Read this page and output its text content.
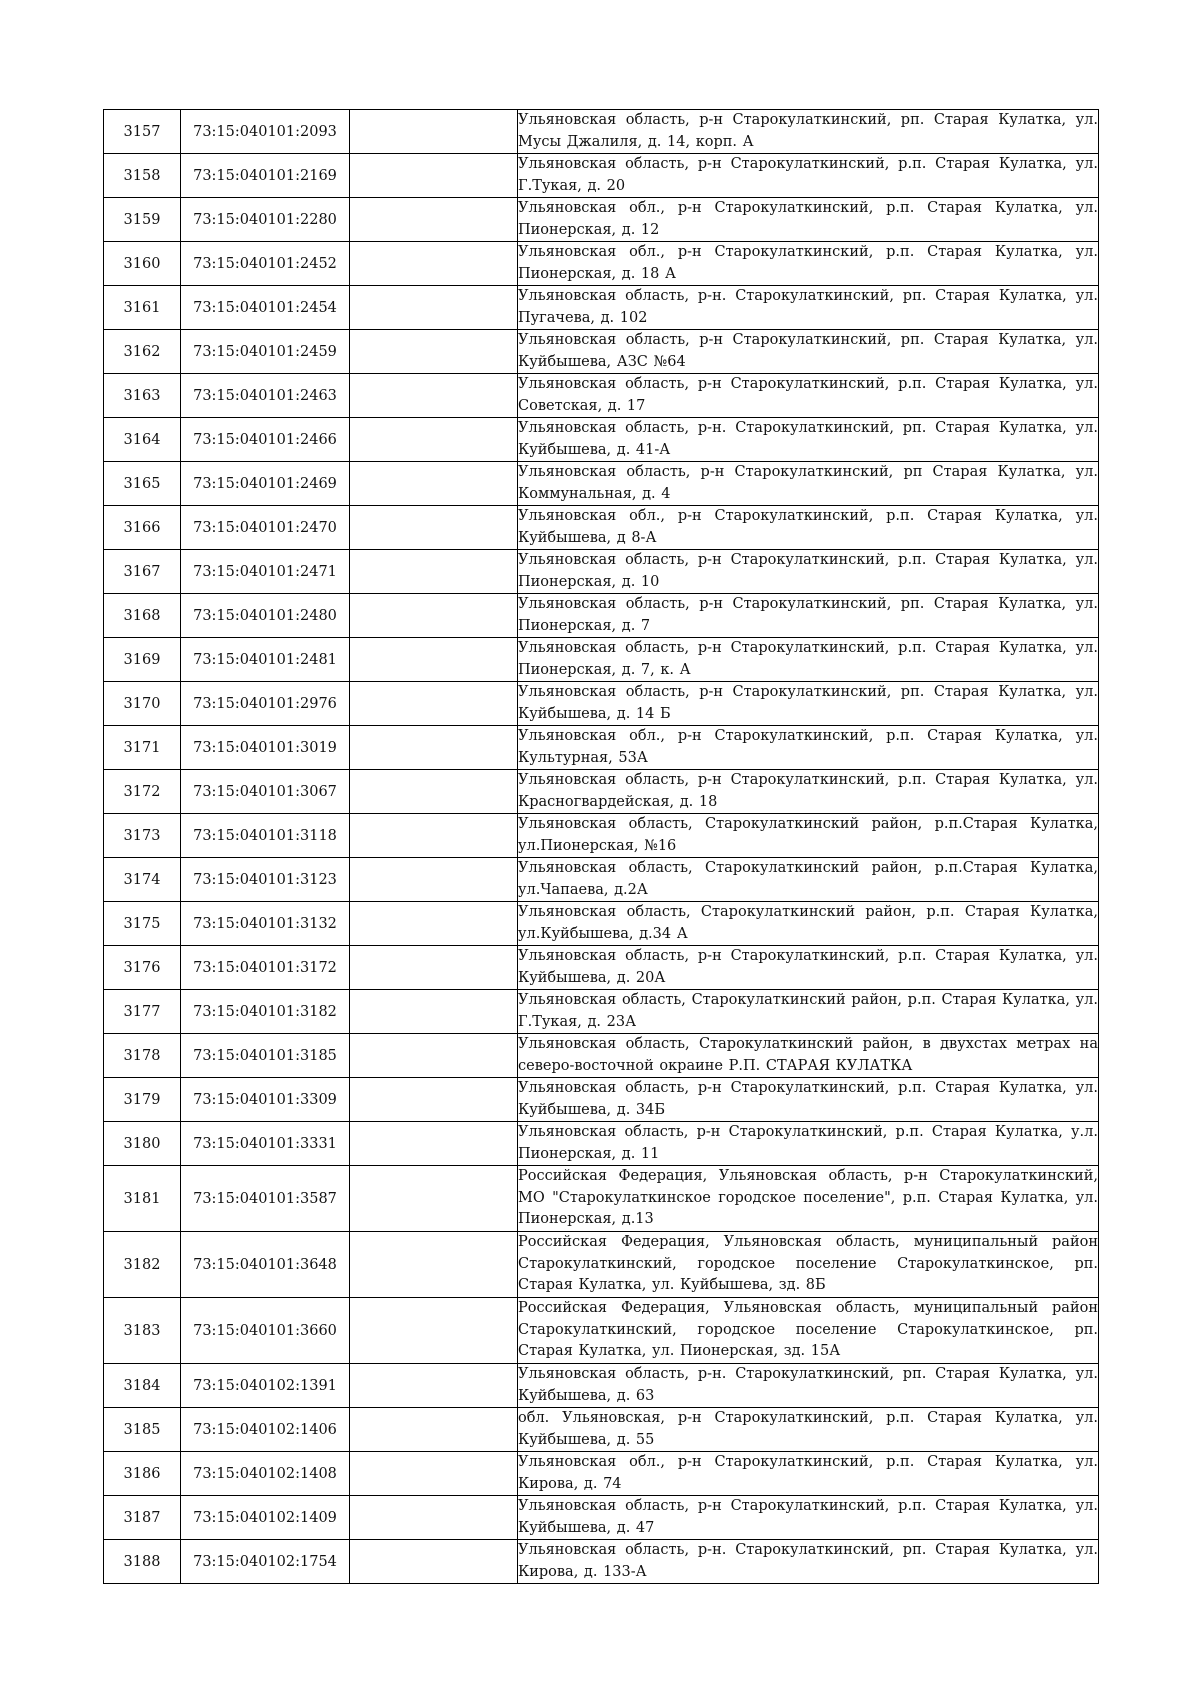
3157	73:15:040101:2093		Ульяновская область, р-н Старокулаткинский, рп. Старая Кулатка, ул. Мусы Джалиля, д. 14, корп. А
3158	73:15:040101:2169		Ульяновская область, р-н Старокулаткинский, р.п. Старая Кулатка, ул. Г.Тукая, д. 20
3159	73:15:040101:2280		Ульяновская обл., р-н Старокулаткинский, р.п. Старая Кулатка, ул. Пионерская, д. 12
3160	73:15:040101:2452		Ульяновская обл., р-н Старокулаткинский, р.п. Старая Кулатка, ул. Пионерская, д. 18 А
3161	73:15:040101:2454		Ульяновская область, р-н. Старокулаткинский, рп. Старая Кулатка, ул. Пугачева, д. 102
3162	73:15:040101:2459		Ульяновская область, р-н Старокулаткинский, рп. Старая Кулатка, ул. Куйбышева, АЗС №64
3163	73:15:040101:2463		Ульяновская область, р-н Старокулаткинский, р.п. Старая Кулатка, ул. Советская, д. 17
3164	73:15:040101:2466		Ульяновская область, р-н. Старокулаткинский, рп. Старая Кулатка, ул. Куйбышева, д. 41-А
3165	73:15:040101:2469		Ульяновская область, р-н Старокулаткинский, рп Старая Кулатка, ул. Коммунальная, д. 4
3166	73:15:040101:2470		Ульяновская обл., р-н Старокулаткинский, р.п. Старая Кулатка, ул. Куйбышева, д 8-А
3167	73:15:040101:2471		Ульяновская область, р-н Старокулаткинский, р.п. Старая Кулатка, ул. Пионерская, д. 10
3168	73:15:040101:2480		Ульяновская область, р-н Старокулаткинский, рп. Старая Кулатка, ул. Пионерская, д. 7
3169	73:15:040101:2481		Ульяновская область, р-н Старокулаткинский, р.п. Старая Кулатка, ул. Пионерская, д. 7, к. А
3170	73:15:040101:2976		Ульяновская область, р-н Старокулаткинский, рп. Старая Кулатка, ул. Куйбышева, д. 14 Б
3171	73:15:040101:3019		Ульяновская обл., р-н Старокулаткинский, р.п. Старая Кулатка, ул. Культурная, 53А
3172	73:15:040101:3067		Ульяновская область, р-н Старокулаткинский, р.п. Старая Кулатка, ул. Красногвардейская, д. 18
3173	73:15:040101:3118		Ульяновская область, Старокулаткинский район, р.п.Старая Кулатка, ул.Пионерская, №16
3174	73:15:040101:3123		Ульяновская область, Старокулаткинский район, р.п.Старая Кулатка, ул.Чапаева, д.2А
3175	73:15:040101:3132		Ульяновская область, Старокулаткинский район, р.п. Старая Кулатка, ул.Куйбышева, д.34 А
3176	73:15:040101:3172		Ульяновская область, р-н Старокулаткинский, р.п. Старая Кулатка, ул. Куйбышева, д. 20А
3177	73:15:040101:3182		Ульяновская область, Старокулаткинский район, р.п. Старая Кулатка, ул. Г.Тукая, д. 23А
3178	73:15:040101:3185		Ульяновская область, Старокулаткинский район, в двухстах метрах на северо-восточной окраине Р.П. СТАРАЯ КУЛАТКА
3179	73:15:040101:3309		Ульяновская область, р-н Старокулаткинский, р.п. Старая Кулатка, ул. Куйбышева, д. 34Б
3180	73:15:040101:3331		Ульяновская область, р-н Старокулаткинский, р.п. Старая Кулатка, у.л. Пионерская, д. 11
3181	73:15:040101:3587		Российская Федерация, Ульяновская область, р-н Старокулаткинский, МО "Старокулаткинское городское поселение", р.п. Старая Кулатка, ул. Пионерская, д.13
3182	73:15:040101:3648		Российская Федерация, Ульяновская область, муниципальный район Старокулаткинский, городское поселение Старокулаткинское, рп. Старая Кулатка, ул. Куйбышева, зд. 8Б
3183	73:15:040101:3660		Российская Федерация, Ульяновская область, муниципальный район Старокулаткинский, городское поселение Старокулаткинское, рп. Старая Кулатка, ул. Пионерская, зд. 15А
3184	73:15:040102:1391		Ульяновская область, р-н. Старокулаткинский, рп. Старая Кулатка, ул. Куйбышева, д. 63
3185	73:15:040102:1406		обл. Ульяновская, р-н Старокулаткинский, р.п. Старая Кулатка, ул. Куйбышева, д. 55
3186	73:15:040102:1408		Ульяновская обл., р-н Старокулаткинский, р.п. Старая Кулатка, ул. Кирова, д. 74
3187	73:15:040102:1409		Ульяновская область, р-н Старокулаткинский, р.п. Старая Кулатка, ул. Куйбышева, д. 47
3188	73:15:040102:1754		Ульяновская область, р-н. Старокулаткинский, рп. Старая Кулатка, ул. Кирова, д. 133-А
